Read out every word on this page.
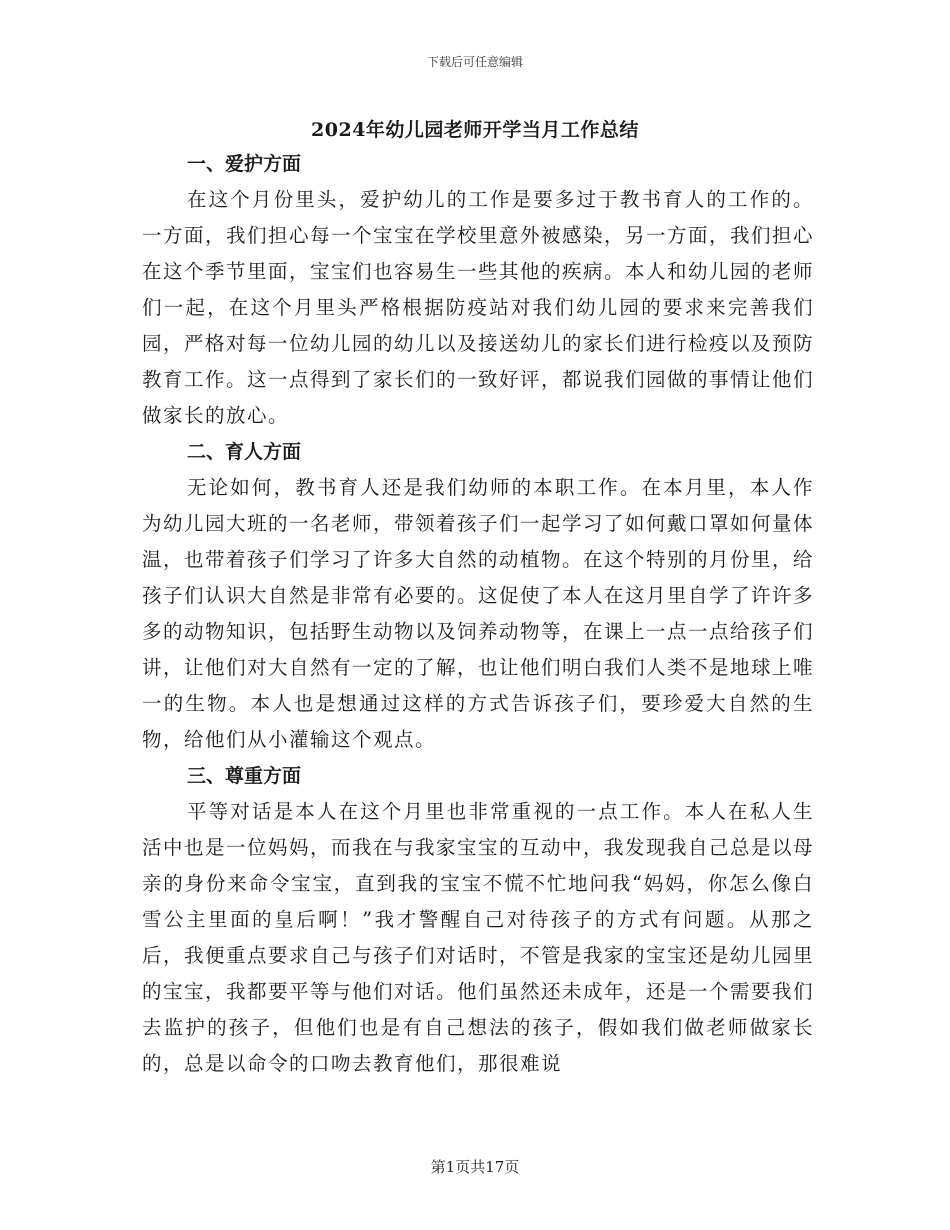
下载后可任意编辑
2024年幼儿园老师开学当月工作总结

一、爱护方面

在这个月份里头，爱护幼儿的工作是要多过于教书育人的工作的。一方面，我们担心每一个宝宝在学校里意外被感染，另一方面，我们担心在这个季节里面，宝宝们也容易生一些其他的疾病。本人和幼儿园的老师们一起，在这个月里头严格根据防疫站对我们幼儿园的要求来完善我们园，严格对每一位幼儿园的幼儿以及接送幼儿的家长们进行检疫以及预防教育工作。这一点得到了家长们的一致好评，都说我们园做的事情让他们做家长的放心。

二、育人方面

无论如何，教书育人还是我们幼师的本职工作。在本月里，本人作为幼儿园大班的一名老师，带领着孩子们一起学习了如何戴口罩如何量体温，也带着孩子们学习了许多大自然的动植物。在这个特别的月份里，给孩子们认识大自然是非常有必要的。这促使了本人在这月里自学了许许多多的动物知识，包括野生动物以及饲养动物等，在课上一点一点给孩子们讲，让他们对大自然有一定的了解，也让他们明白我们人类不是地球上唯一的生物。本人也是想通过这样的方式告诉孩子们，要珍爱大自然的生物，给他们从小灌输这个观点。

三、尊重方面

平等对话是本人在这个月里也非常重视的一点工作。本人在私人生活中也是一位妈妈，而我在与我家宝宝的互动中，我发现我自己总是以母亲的身份来命令宝宝，直到我的宝宝不慌不忙地问我“妈妈，你怎么像白雪公主里面的皇后啊！”我才警醒自己对待孩子的方式有问题。从那之后，我便重点要求自己与孩子们对话时，不管是我家的宝宝还是幼儿园里的宝宝，我都要平等与他们对话。他们虽然还未成年，还是一个需要我们去监护的孩子，但他们也是有自己想法的孩子，假如我们做老师做家长的，总是以命令的口吻去教育他们，那很难说

第1页共17页
